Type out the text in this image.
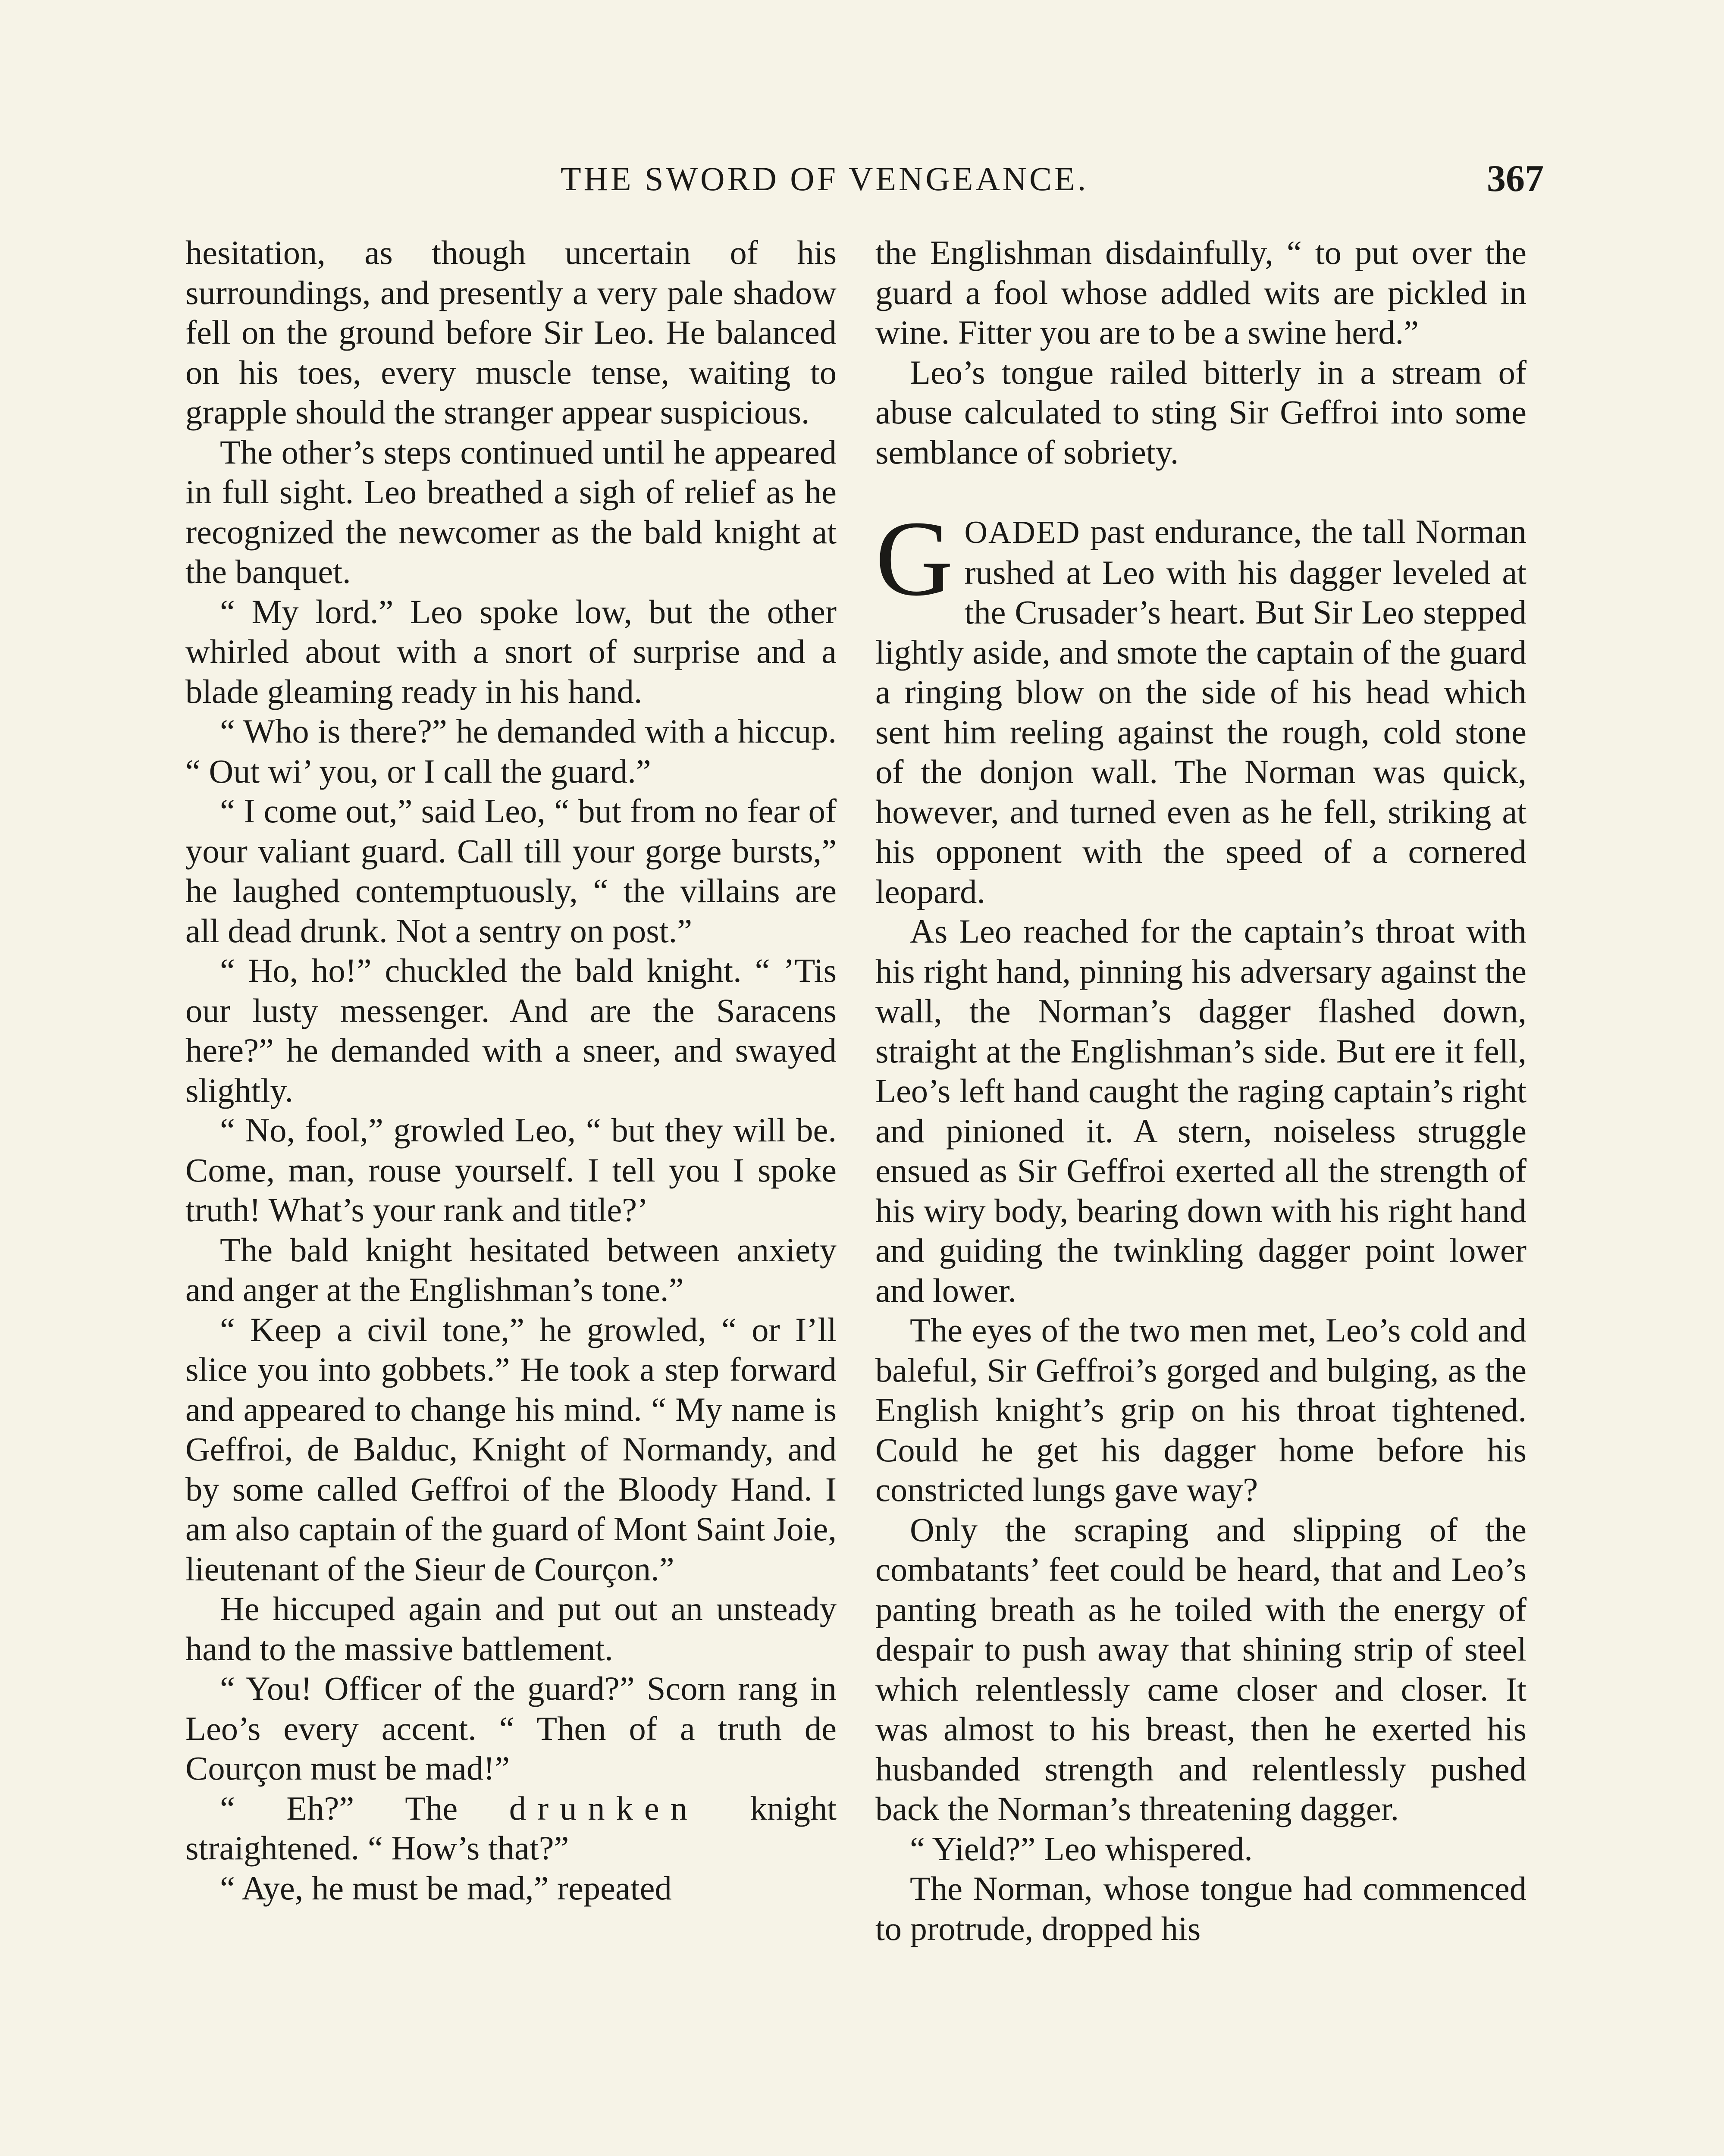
THE SWORD OF VENGEANCE.	367

hesitation, as though uncertain of his surroundings, and presently a very pale shadow fell on the ground before Sir Leo. He balanced on his toes, every muscle tense, waiting to grapple should the stranger appear suspicious.

The other’s steps continued until he appeared in full sight. Leo breathed a sigh of relief as he recognized the newcomer as the bald knight at the banquet.

“ My lord.” Leo spoke low, but the other whirled about with a snort of surprise and a blade gleaming ready in his hand.

“ Who is there?” he demanded with a hiccup. “ Out wi’ you, or I call the guard.”

“ I come out,” said Leo, “ but from no fear of your valiant guard. Call till your gorge bursts,” he laughed contemptuously, “ the villains are all dead drunk. Not a sentry on post.”

“ Ho, ho!” chuckled the bald knight. “ ’Tis our lusty messenger. And are the Saracens here?” he demanded with a sneer, and swayed slightly.

“ No, fool,” growled Leo, “ but they will be. Come, man, rouse yourself. I tell you I spoke truth! What’s your rank and title?’

The bald knight hesitated between anxiety and anger at the Englishman’s tone.”

“ Keep a civil tone,” he growled, “ or I’ll slice you into gobbets.” He took a step forward and appeared to change his mind. “ My name is Geffroi, de Balduc, Knight of Normandy, and by some called Geffroi of the Bloody Hand. I am also captain of the guard of Mont Saint Joie, lieutenant of the Sieur de Courçon.”

He hiccuped again and put out an unsteady hand to the massive battlement.

“ You! Officer of the guard?” Scorn rang in Leo’s every accent. “ Then of a truth de Courçon must be mad!”

“ Eh?” The drunken knight straightened. “ How’s that?”

“ Aye, he must be mad,” repeated

the Englishman disdainfully, “ to put over the guard a fool whose addled wits are pickled in wine. Fitter you are to be a swine herd.”

Leo’s tongue railed bitterly in a stream of abuse calculated to sting Sir Geffroi into some semblance of sobriety.

GOADED past endurance, the tall Norman rushed at Leo with his dagger leveled at the Crusader’s heart. But Sir Leo stepped lightly aside, and smote the captain of the guard a ringing blow on the side of his head which sent him reeling against the rough, cold stone of the donjon wall. The Norman was quick, however, and turned even as he fell, striking at his opponent with the speed of a cornered leopard.

As Leo reached for the captain’s throat with his right hand, pinning his adversary against the wall, the Norman’s dagger flashed down, straight at the Englishman’s side. But ere it fell, Leo’s left hand caught the raging captain’s right and pinioned it. A stern, noiseless struggle ensued as Sir Geffroi exerted all the strength of his wiry body, bearing down with his right hand and guiding the twinkling dagger point lower and lower.

The eyes of the two men met, Leo’s cold and baleful, Sir Geffroi’s gorged and bulging, as the English knight’s grip on his throat tightened. Could he get his dagger home before his constricted lungs gave way?

Only the scraping and slipping of the combatants’ feet could be heard, that and Leo’s panting breath as he toiled with the energy of despair to push away that shining strip of steel which relentlessly came closer and closer. It was almost to his breast, then he exerted his husbanded strength and relentlessly pushed back the Norman’s threatening dagger.

“ Yield?” Leo whispered.

The Norman, whose tongue had commenced to protrude, dropped his
